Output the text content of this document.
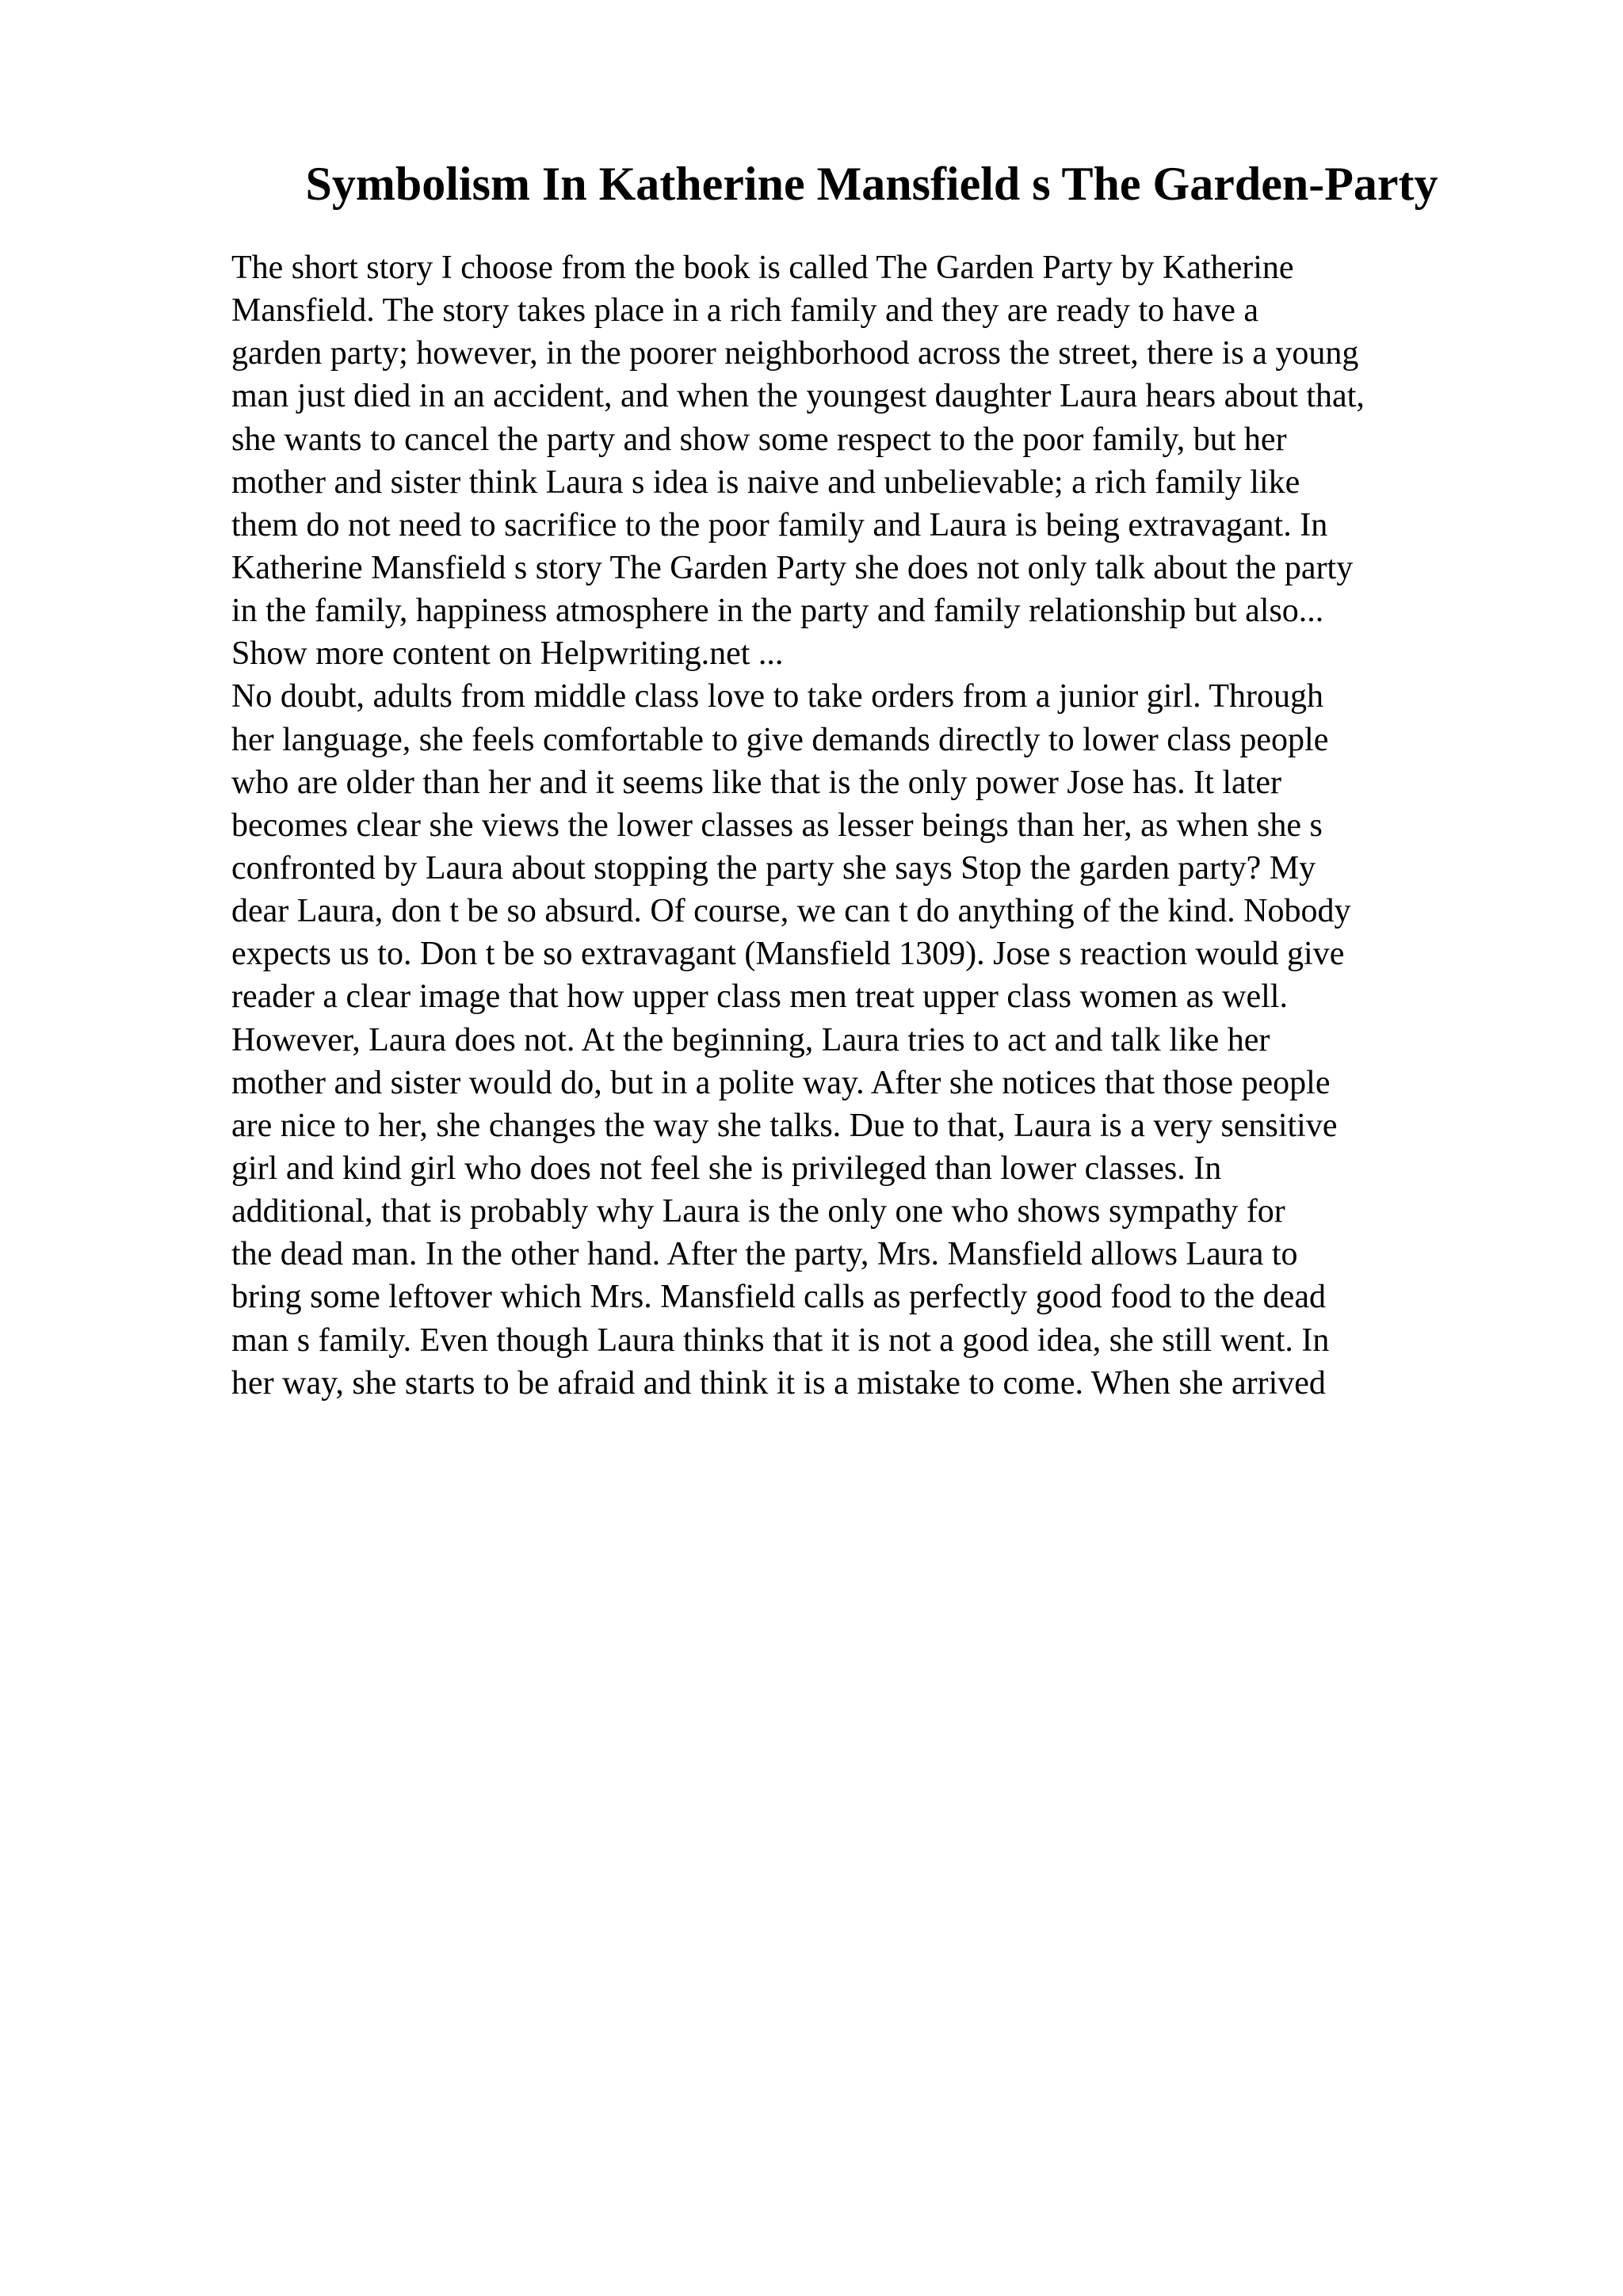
Symbolism In Katherine Mansfield s The Garden-Party
The short story I choose from the book is called The Garden Party by Katherine
Mansfield. The story takes place in a rich family and they are ready to have a
garden party; however, in the poorer neighborhood across the street, there is a young
man just died in an accident, and when the youngest daughter Laura hears about that,
she wants to cancel the party and show some respect to the poor family, but her
mother and sister think Laura s idea is naive and unbelievable; a rich family like
them do not need to sacrifice to the poor family and Laura is being extravagant. In
Katherine Mansfield s story The Garden Party she does not only talk about the party
in the family, happiness atmosphere in the party and family relationship but also...
Show more content on Helpwriting.net ...
No doubt, adults from middle class love to take orders from a junior girl. Through
her language, she feels comfortable to give demands directly to lower class people
who are older than her and it seems like that is the only power Jose has. It later
becomes clear she views the lower classes as lesser beings than her, as when she s
confronted by Laura about stopping the party she says Stop the garden party? My
dear Laura, don t be so absurd. Of course, we can t do anything of the kind. Nobody
expects us to. Don t be so extravagant (Mansfield 1309). Jose s reaction would give
reader a clear image that how upper class men treat upper class women as well.
However, Laura does not. At the beginning, Laura tries to act and talk like her
mother and sister would do, but in a polite way. After she notices that those people
are nice to her, she changes the way she talks. Due to that, Laura is a very sensitive
girl and kind girl who does not feel she is privileged than lower classes. In
additional, that is probably why Laura is the only one who shows sympathy for
the dead man. In the other hand. After the party, Mrs. Mansfield allows Laura to
bring some leftover which Mrs. Mansfield calls as perfectly good food to the dead
man s family. Even though Laura thinks that it is not a good idea, she still went. In
her way, she starts to be afraid and think it is a mistake to come. When she arrived
